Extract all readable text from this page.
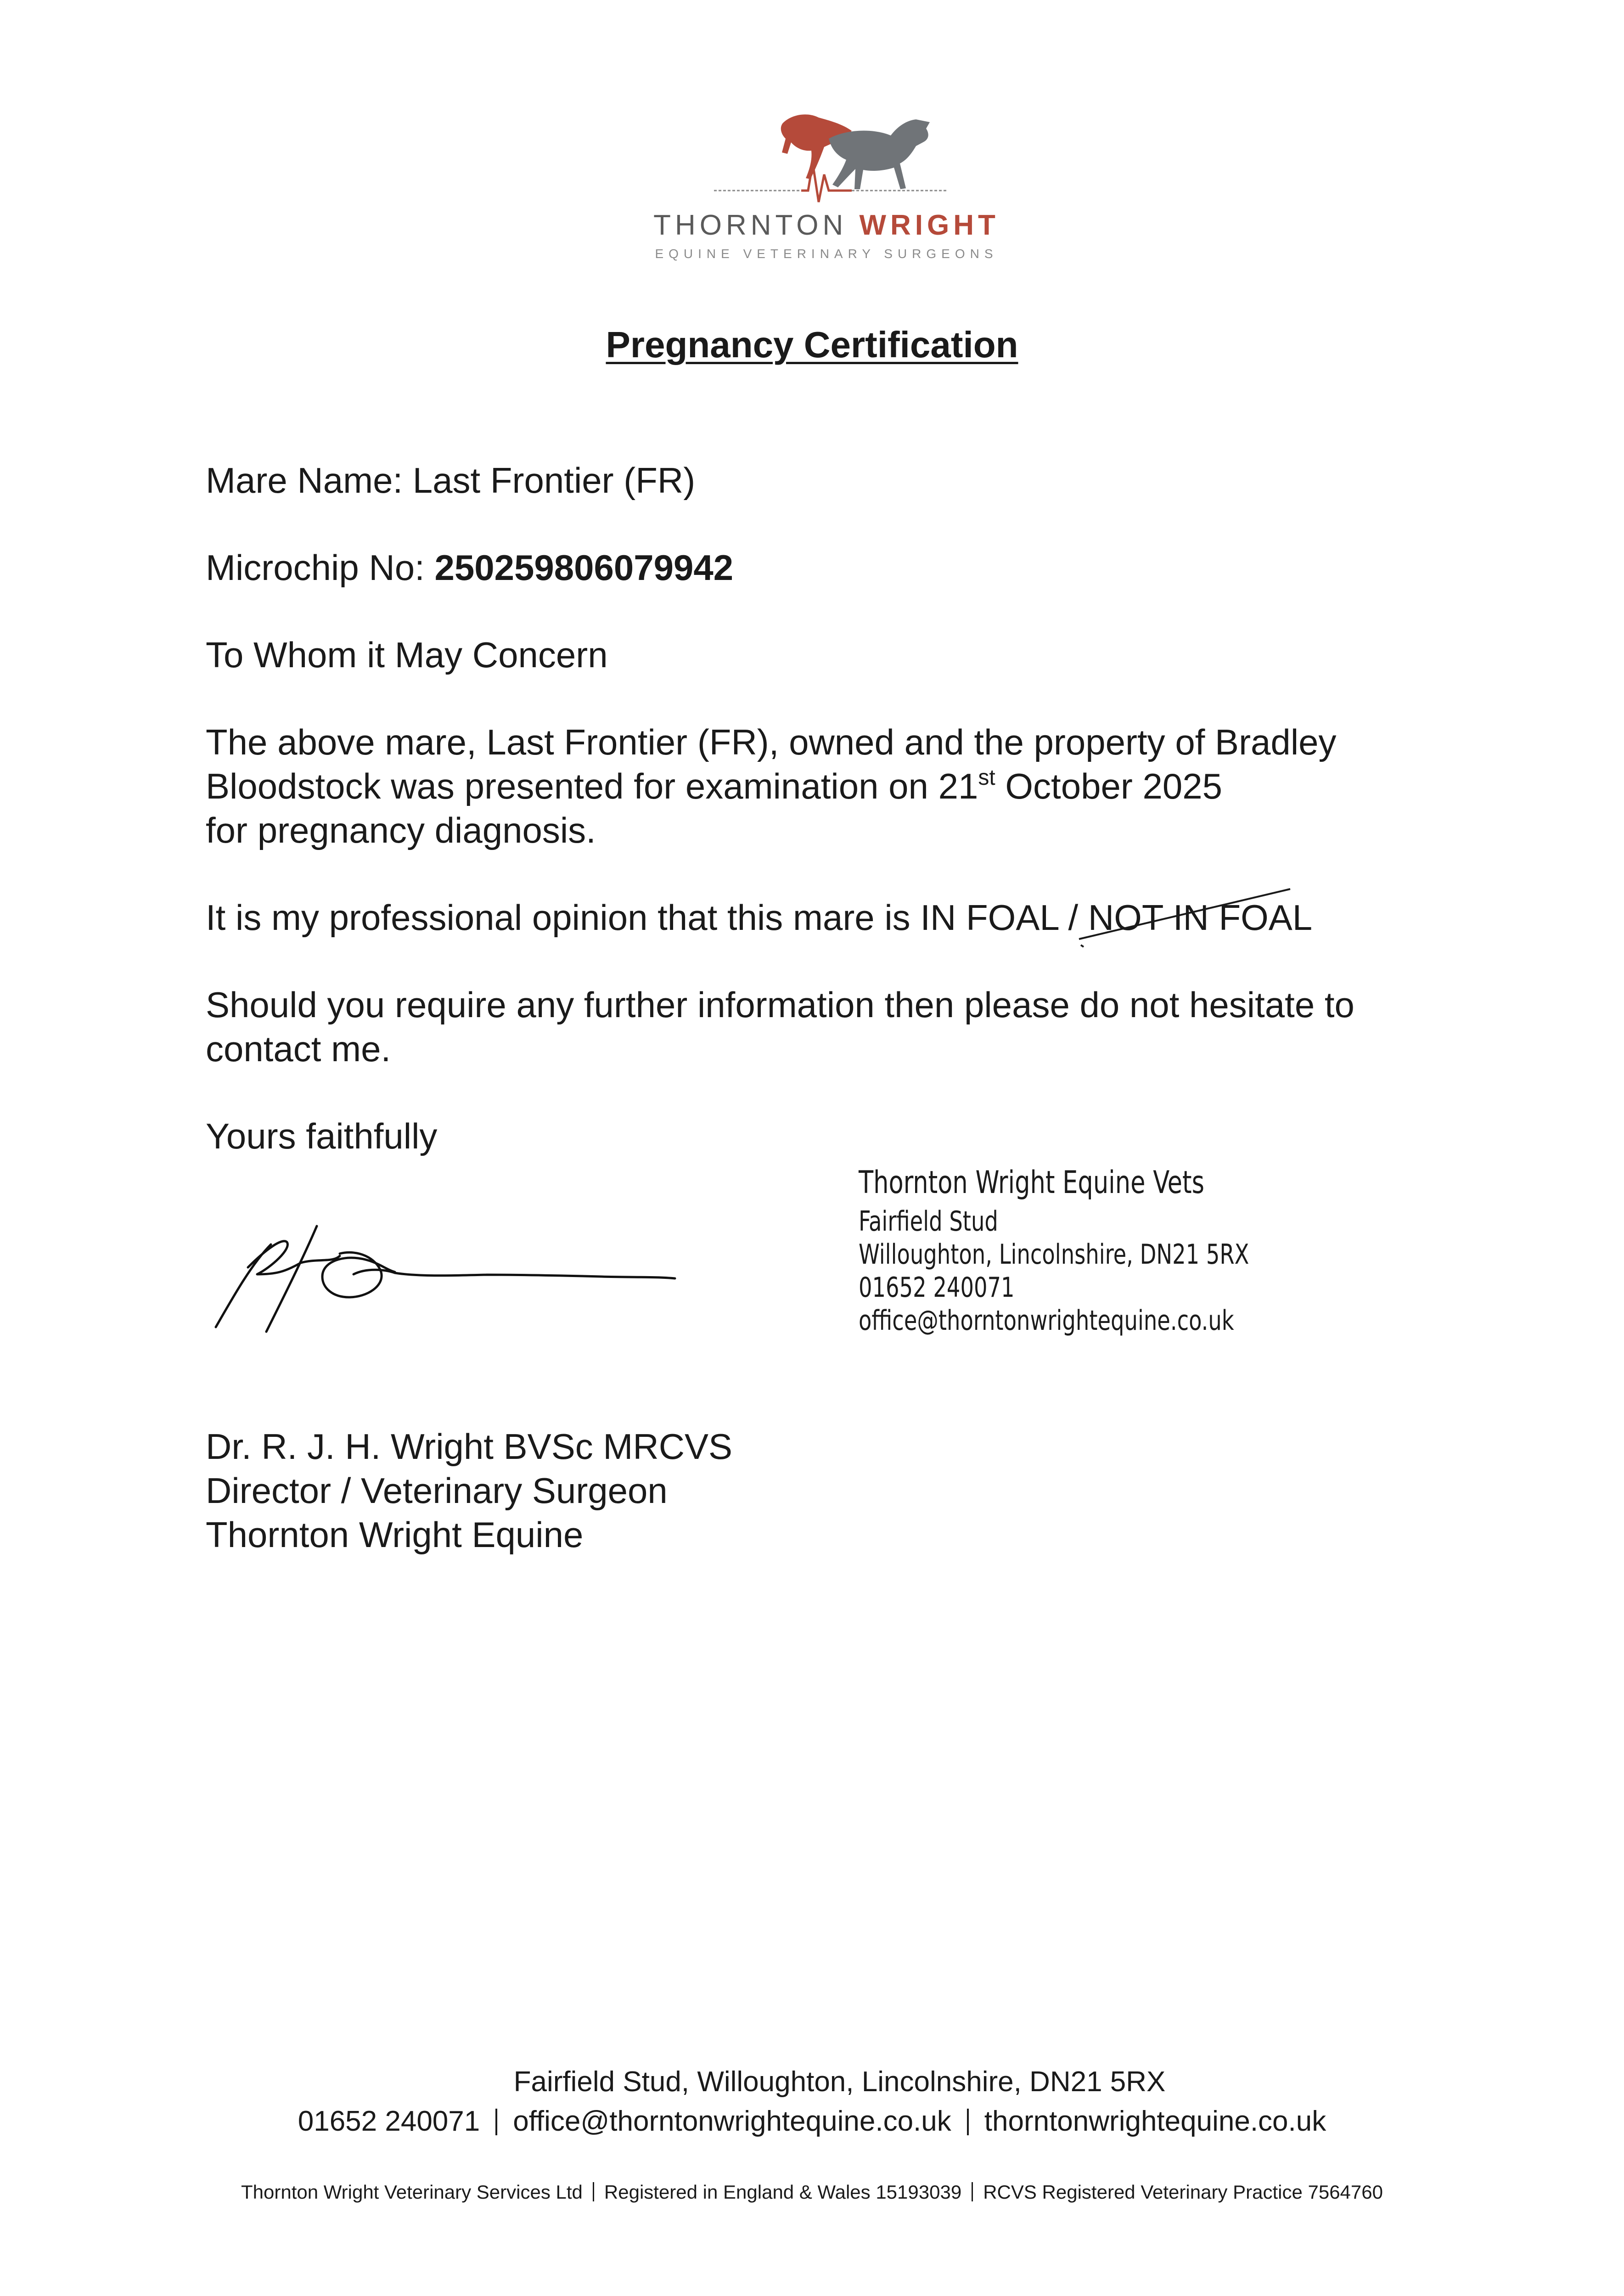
THORNTON WRIGHT
EQUINE VETERINARY SURGEONS
Pregnancy Certification
Mare Name: Last Frontier (FR)
Microchip No: 250259806079942
To Whom it May Concern
The above mare, Last Frontier (FR), owned and the property of Bradley
Bloodstock was presented for examination on 21st October 2025
for pregnancy diagnosis.
It is my professional opinion that this mare is IN FOAL / NOT IN FOAL
Should you require any further information then please do not hesitate to
contact me.
Yours faithfully
Thornton Wright Equine Vets
Fairfield Stud
Willoughton, Lincolnshire, DN21 5RX
01652 240071
office@thorntonwrightequine.co.uk
Dr. R. J. H. Wright BVSc MRCVS
Director / Veterinary Surgeon
Thornton Wright Equine
Fairfield Stud, Willoughton, Lincolnshire, DN21 5RX
01652 240071 office@thorntonwrightequine.co.uk thorntonwrightequine.co.uk
Thornton Wright Veterinary Services Ltd Registered in England & Wales 15193039 RCVS Registered Veterinary Practice 7564760
